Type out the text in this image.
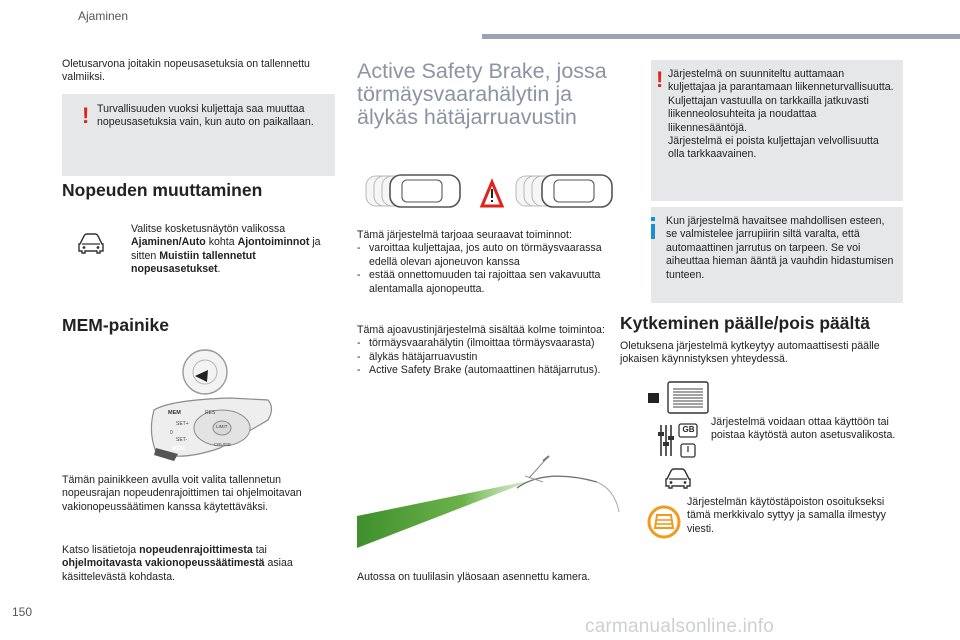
Ajaminen
150
carmanualsonline.info
Oletusarvona joitakin nopeusasetuksia on tallennettu valmiiksi.
! Turvallisuuden vuoksi kuljettaja saa muuttaa nopeusasetuksia vain, kun auto on paikallaan.
Nopeuden muuttaminen
Valitse kosketusnäytön valikossa Ajaminen/Auto kohta Ajontoiminnot ja sitten Muistiin tallennetut nopeusasetukset.
MEM-painike
MEM
MEM
SET+
0
SET-
RES
LIMIT
CRUISE
Tämän painikkeen avulla voit valita tallennetun nopeusrajan nopeudenrajoittimen tai ohjelmoitavan vakionopeussäätimen kanssa käytettäväksi.
Katso lisätietoja nopeudenrajoittimesta tai ohjelmoitavasta vakionopeussäätimestä asiaa käsittelevästä kohdasta.
Active Safety Brake, jossa törmäysvaarahälytin ja älykäs hätäjarruavustin
Tämä järjestelmä tarjoaa seuraavat toiminnot:
- varoittaa kuljettajaa, jos auto on törmäysvaarassa edellä olevan ajoneuvon kanssa
- estää onnettomuuden tai rajoittaa sen vakavuutta alentamalla ajonopeutta.
Tämä ajoavustinjärjestelmä sisältää kolme toimintoa:
- törmäysvaarahälytin (ilmoittaa törmäysvaarasta)
- älykäs hätäjarruavustin
- Active Safety Brake (automaattinen hätäjarrutus).
Autossa on tuulilasin yläosaan asennettu kamera.
! Järjestelmä on suunniteltu auttamaan kuljettajaa ja parantamaan liikenneturvallisuutta.
Kuljettajan vastuulla on tarkkailla jatkuvasti liikenneolosuhteita ja noudattaa liikennesääntöjä.
Järjestelmä ei poista kuljettajan velvollisuutta olla tarkkaavainen.
Kun järjestelmä havaitsee mahdollisen esteen, se valmistelee jarrupiirin siltä varalta, että automaattinen jarrutus on tarpeen. Se voi aiheuttaa hieman ääntä ja vauhdin hidastumisen tunteen.
Kytkeminen päälle/pois päältä
Oletuksena järjestelmä kytkeytyy automaattisesti päälle jokaisen käynnistyksen yhteydessä.
GB
I
Järjestelmä voidaan ottaa käyttöön tai poistaa käytöstä auton asetusvalikosta.
Järjestelmän käytöstäpoiston osoitukseksi tämä merkkivalo syttyy ja samalla ilmestyy viesti.
